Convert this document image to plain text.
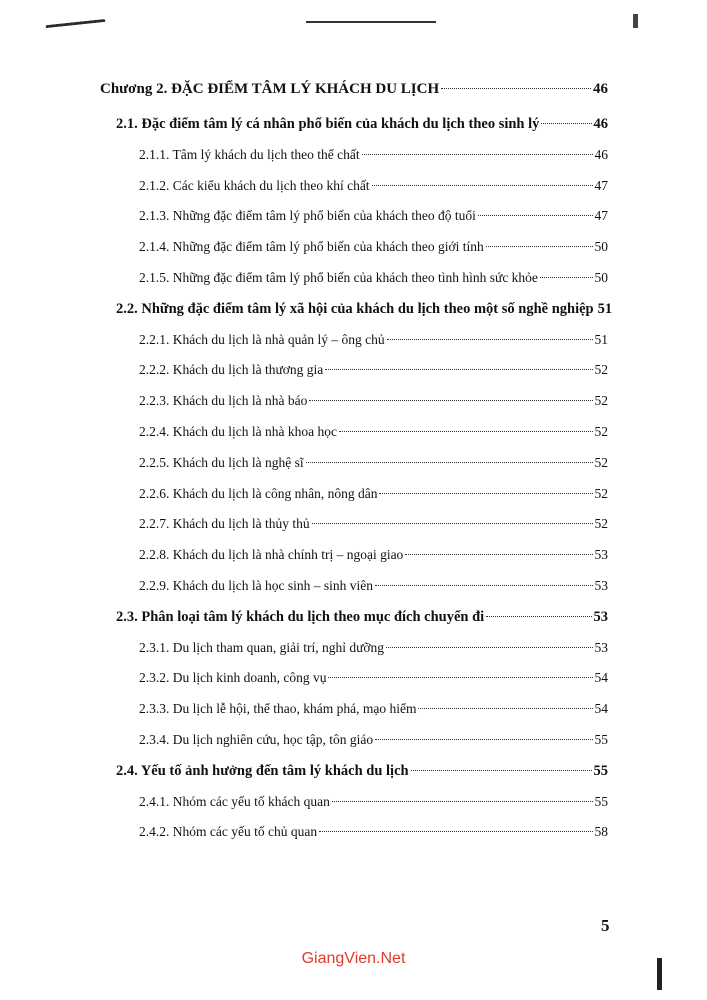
Chương 2. ĐẶC ĐIỂM TÂM LÝ KHÁCH DU LỊCH	46
2.1. Đặc điểm tâm lý cá nhân phổ biến của khách du lịch theo sinh lý	46
2.1.1. Tâm lý khách du lịch theo thể chất	46
2.1.2. Các kiểu khách du lịch theo khí chất	47
2.1.3. Những đặc điểm tâm lý phổ biến của khách theo độ tuổi	47
2.1.4. Những đặc điểm tâm lý phổ biến của khách theo giới tính	50
2.1.5. Những đặc điểm tâm lý phổ biến của khách theo tình hình sức khỏe	50
2.2. Những đặc điểm tâm lý xã hội của khách du lịch theo một số nghề nghiệp 51
2.2.1. Khách du lịch là nhà quản lý – ông chủ	51
2.2.2. Khách du lịch là thương gia	52
2.2.3. Khách du lịch là nhà báo	52
2.2.4. Khách du lịch là nhà khoa học	52
2.2.5. Khách du lịch là nghệ sĩ	52
2.2.6. Khách du lịch là công nhân, nông dân	52
2.2.7. Khách du lịch là thủy thủ	52
2.2.8. Khách du lịch là nhà chính trị – ngoại giao	53
2.2.9. Khách du lịch là học sinh – sinh viên	53
2.3. Phân loại tâm lý khách du lịch theo mục đích chuyến đi	53
2.3.1. Du lịch tham quan, giải trí, nghỉ dưỡng	53
2.3.2. Du lịch kinh doanh, công vụ	54
2.3.3. Du lịch lễ hội, thể thao, khám phá, mạo hiểm	54
2.3.4. Du lịch nghiên cứu, học tập, tôn giáo	55
2.4. Yếu tố ảnh hưởng đến tâm lý khách du lịch	55
2.4.1. Nhóm các yếu tố khách quan	55
2.4.2. Nhóm các yếu tố chủ quan	58
5
GiangVien.Net
